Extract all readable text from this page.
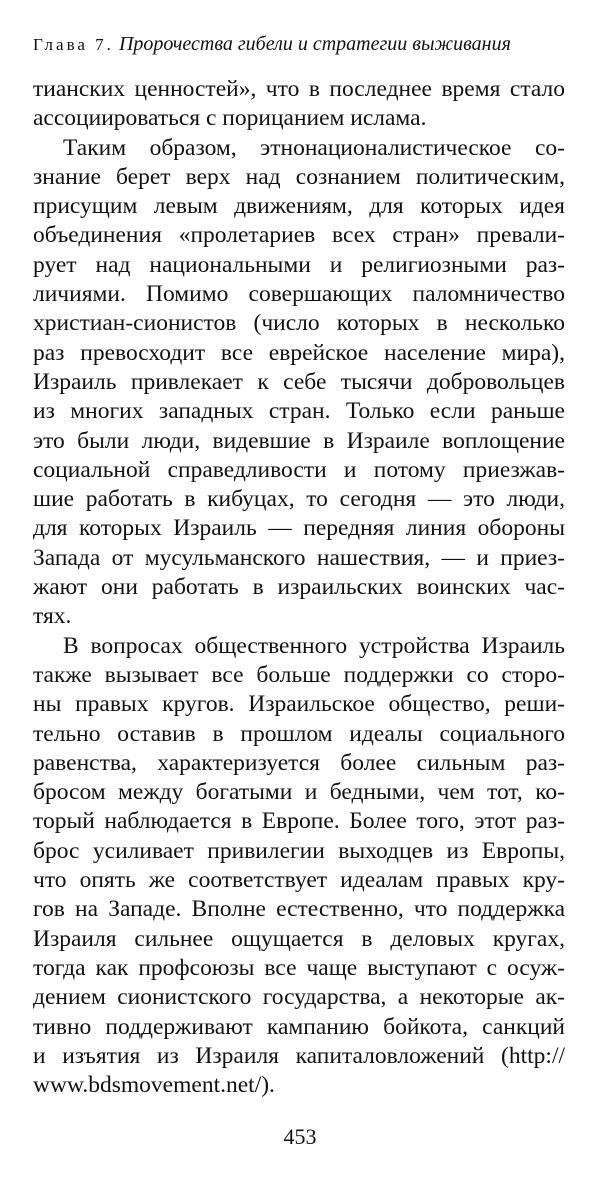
Глава 7. Пророчества гибели и стратегии выживания
тианских ценностей», что в последнее время стало
ассоциироваться с порицанием ислама.
Таким образом, этнонационалистическое со-
знание берет верх над сознанием политическим,
присущим левым движениям, для которых идея
объединения «пролетариев всех стран» превали-
рует над национальными и религиозными раз-
личиями. Помимо совершающих паломничество
христиан-сионистов (число которых в несколько
раз превосходит все еврейское население мира),
Израиль привлекает к себе тысячи добровольцев
из многих западных стран. Только если раньше
это были люди, видевшие в Израиле воплощение
социальной справедливости и потому приезжав-
шие работать в кибуцах, то сегодня — это люди,
для которых Израиль — передняя линия обороны
Запада от мусульманского нашествия, — и приез-
жают они работать в израильских воинских час-
тях.
В вопросах общественного устройства Израиль
также вызывает все больше поддержки со сторо-
ны правых кругов. Израильское общество, реши-
тельно оставив в прошлом идеалы социального
равенства, характеризуется более сильным раз-
бросом между богатыми и бедными, чем тот, ко-
торый наблюдается в Европе. Более того, этот раз-
брос усиливает привилегии выходцев из Европы,
что опять же соответствует идеалам правых кру-
гов на Западе. Вполне естественно, что поддержка
Израиля сильнее ощущается в деловых кругах,
тогда как профсоюзы все чаще выступают с осуж-
дением сионистского государства, а некоторые ак-
тивно поддерживают кампанию бойкота, санкций
и изъятия из Израиля капиталовложений (http://
www.bdsmovement.net/).
453
